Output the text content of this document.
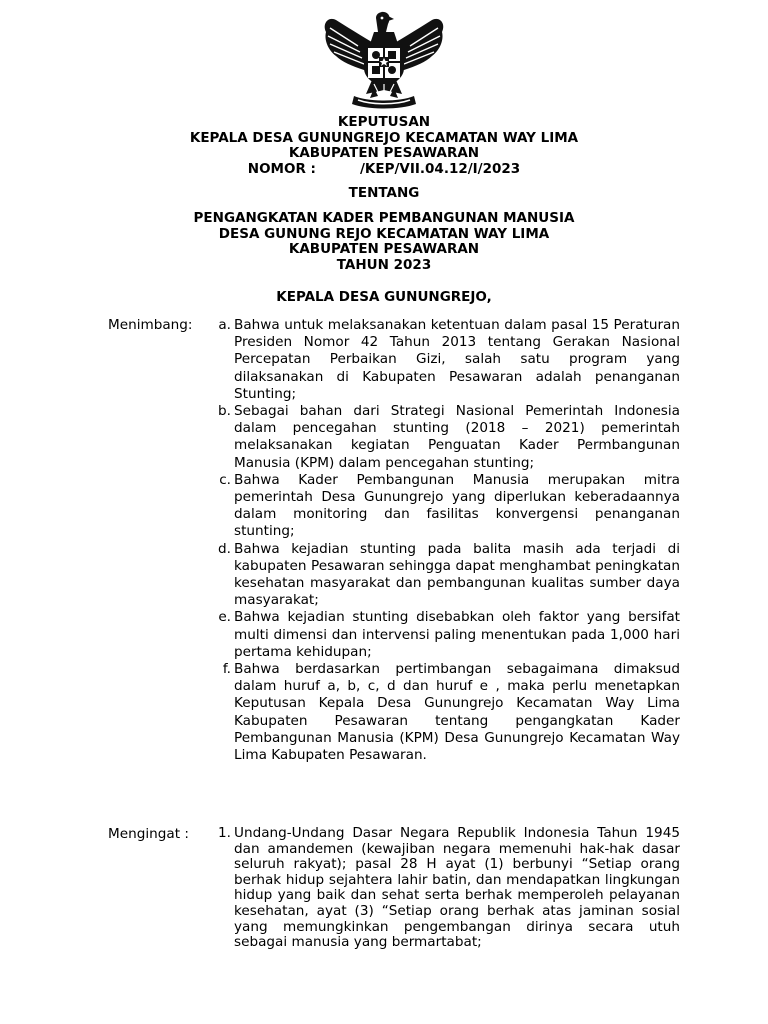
KEPUTUSAN
KEPALA DESA GUNUNGREJO KECAMATAN WAY LIMA
KABUPATEN PESAWARAN
NOMOR :	/KEP/VII.04.12/I/2023
TENTANG
PENGANGKATAN KADER PEMBANGUNAN MANUSIA
DESA GUNUNG REJO KECAMATAN WAY LIMA
KABUPATEN PESAWARAN
TAHUN 2023
KEPALA DESA GUNUNGREJO,
Menimbang:	a. Bahwa untuk melaksanakan ketentuan dalam pasal 15 Peraturan Presiden Nomor 42 Tahun 2013 tentang Gerakan Nasional Percepatan Perbaikan Gizi, salah satu program yang dilaksanakan di Kabupaten Pesawaran adalah penanganan Stunting;
b. Sebagai bahan dari Strategi Nasional Pemerintah Indonesia dalam pencegahan stunting (2018 – 2021) pemerintah melaksanakan kegiatan Penguatan Kader Permbangunan Manusia (KPM) dalam pencegahan stunting;
c. Bahwa Kader Pembangunan Manusia merupakan mitra pemerintah Desa Gunungrejo yang diperlukan keberadaannya dalam monitoring dan fasilitas konvergensi penanganan stunting;
d. Bahwa kejadian stunting pada balita masih ada terjadi di kabupaten Pesawaran sehingga dapat menghambat peningkatan kesehatan masyarakat dan pembangunan kualitas sumber daya masyarakat;
e. Bahwa kejadian stunting disebabkan oleh faktor yang bersifat multi dimensi dan intervensi paling menentukan pada 1,000 hari pertama kehidupan;
f. Bahwa berdasarkan pertimbangan sebagaimana dimaksud dalam huruf a, b, c, d dan huruf e , maka perlu menetapkan Keputusan Kepala Desa Gunungrejo Kecamatan Way Lima Kabupaten Pesawaran tentang pengangkatan Kader Pembangunan Manusia (KPM) Desa Gunungrejo Kecamatan Way Lima Kabupaten Pesawaran.
Mengingat :	1. Undang-Undang Dasar Negara Republik Indonesia Tahun 1945 dan amandemen (kewajiban negara memenuhi hak-hak dasar seluruh rakyat); pasal 28 H ayat (1) berbunyi “Setiap orang berhak hidup sejahtera lahir batin, dan mendapatkan lingkungan hidup yang baik dan sehat serta berhak memperoleh pelayanan kesehatan, ayat (3) “Setiap orang berhak atas jaminan sosial yang memungkinkan pengembangan dirinya secara utuh sebagai manusia yang bermartabat;
